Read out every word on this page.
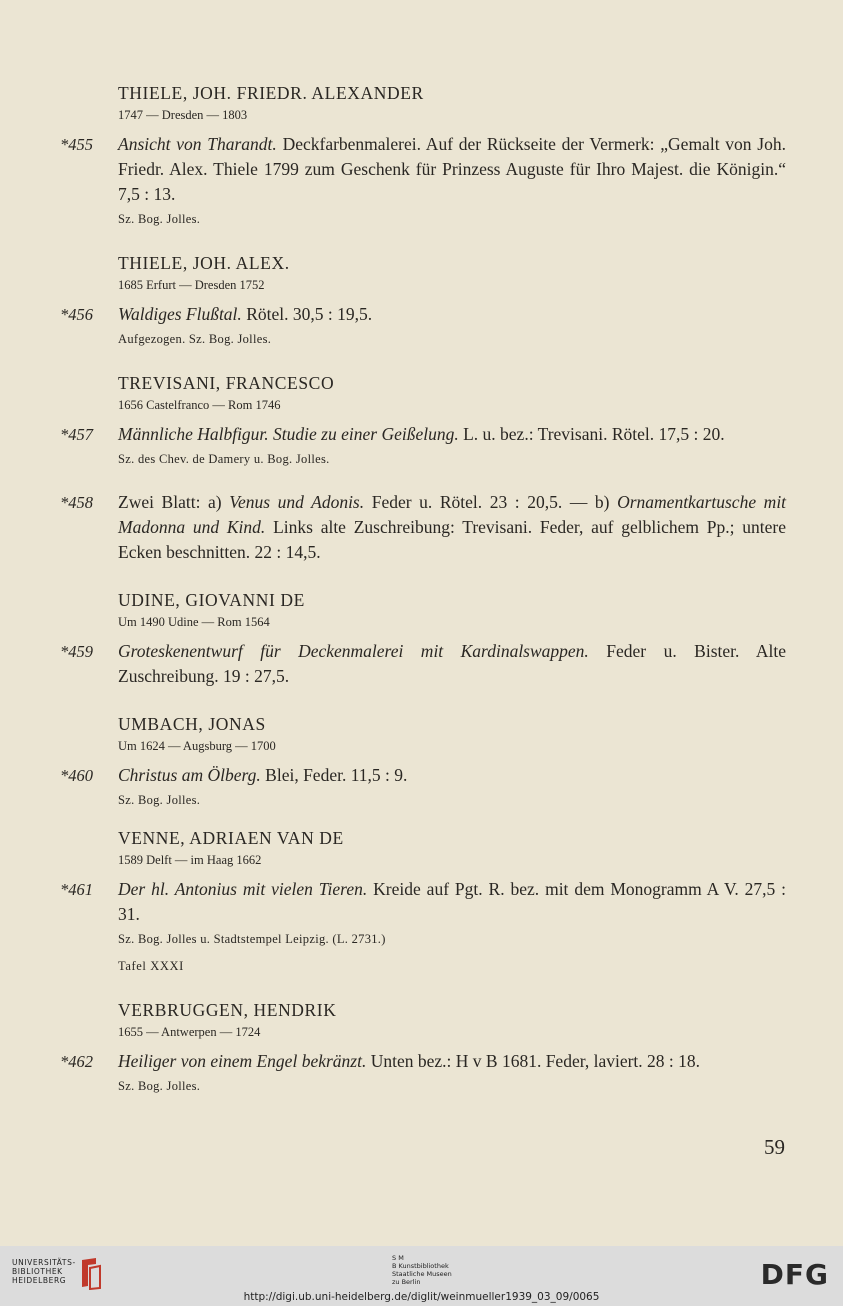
THIELE, JOH. FRIEDR. ALEXANDER
1747 — Dresden — 1803
*455 Ansicht von Tharandt. Deckfarbenmalerei. Auf der Rückseite der Vermerk: „Gemalt von Joh. Friedr. Alex. Thiele 1799 zum Geschenk für Prinzess Auguste für Ihro Majest. die Königin.“ 7,5 : 13.
Sz. Bog. Jolles.
THIELE, JOH. ALEX.
1685 Erfurt — Dresden 1752
*456 Waldiges Flußtal. Rötel. 30,5 : 19,5.
Aufgezogen. Sz. Bog. Jolles.
TREVISANI, FRANCESCO
1656 Castelfranco — Rom 1746
*457 Männliche Halbfigur. Studie zu einer Geißelung. L. u. bez.: Trevisani. Rötel. 17,5 : 20.
Sz. des Chev. de Damery u. Bog. Jolles.
*458 Zwei Blatt: a) Venus und Adonis. Feder u. Rötel. 23 : 20,5. — b) Ornamentkartusche mit Madonna und Kind. Links alte Zuschreibung: Trevisani. Feder, auf gelblichem Pp.; untere Ecken beschnitten. 22 : 14,5.
UDINE, GIOVANNI DE
Um 1490 Udine — Rom 1564
*459 Groteskenentwurf für Deckenmalerei mit Kardinalswappen. Feder u. Bister. Alte Zuschreibung. 19 : 27,5.
UMBACH, JONAS
Um 1624 — Augsburg — 1700
*460 Christus am Ölberg. Blei, Feder. 11,5 : 9.
Sz. Bog. Jolles.
VENNE, ADRIAEN VAN DE
1589 Delft — im Haag 1662
*461 Der hl. Antonius mit vielen Tieren. Kreide auf Pgt. R. bez. mit dem Monogramm A V. 27,5 : 31.
Sz. Bog. Jolles u. Stadtstempel Leipzig. (L. 2731.)
Tafel XXXI
VERBRUGGEN, HENDRIK
1655 — Antwerpen — 1724
*462 Heiliger von einem Engel bekränzt. Unten bez.: H v B 1681. Feder, laviert. 28 : 18.
Sz. Bog. Jolles.
59
UNIVERSITÄTS-
BIBLIOTHEK
HEIDELBERG
S M
B Kunstbibliothek
Staatliche Museen
zu Berlin	DFG
http://digi.ub.uni-heidelberg.de/diglit/weinmueller1939_03_09/0065
